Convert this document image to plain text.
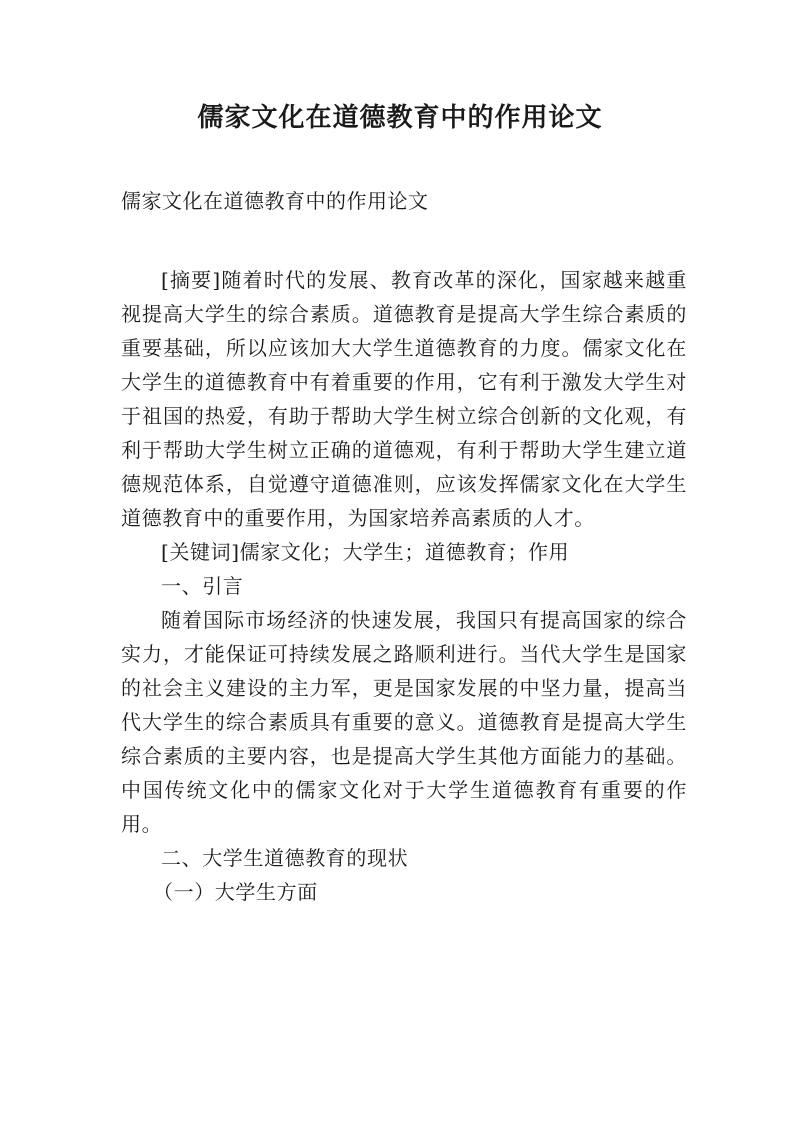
儒家文化在道德教育中的作用论文

儒家文化在道德教育中的作用论文

[摘要]随着时代的发展、教育改革的深化，国家越来越重视提高大学生的综合素质。道德教育是提高大学生综合素质的重要基础，所以应该加大大学生道德教育的力度。儒家文化在大学生的道德教育中有着重要的作用，它有利于激发大学生对于祖国的热爱，有助于帮助大学生树立综合创新的文化观，有利于帮助大学生树立正确的道德观，有利于帮助大学生建立道德规范体系，自觉遵守道德准则，应该发挥儒家文化在大学生道德教育中的重要作用，为国家培养高素质的人才。

[关键词]儒家文化；大学生；道德教育；作用

一、引言

随着国际市场经济的快速发展，我国只有提高国家的综合实力，才能保证可持续发展之路顺利进行。当代大学生是国家的社会主义建设的主力军，更是国家发展的中坚力量，提高当代大学生的综合素质具有重要的意义。道德教育是提高大学生综合素质的主要内容，也是提高大学生其他方面能力的基础。中国传统文化中的儒家文化对于大学生道德教育有重要的作用。

二、大学生道德教育的现状

（一）大学生方面
